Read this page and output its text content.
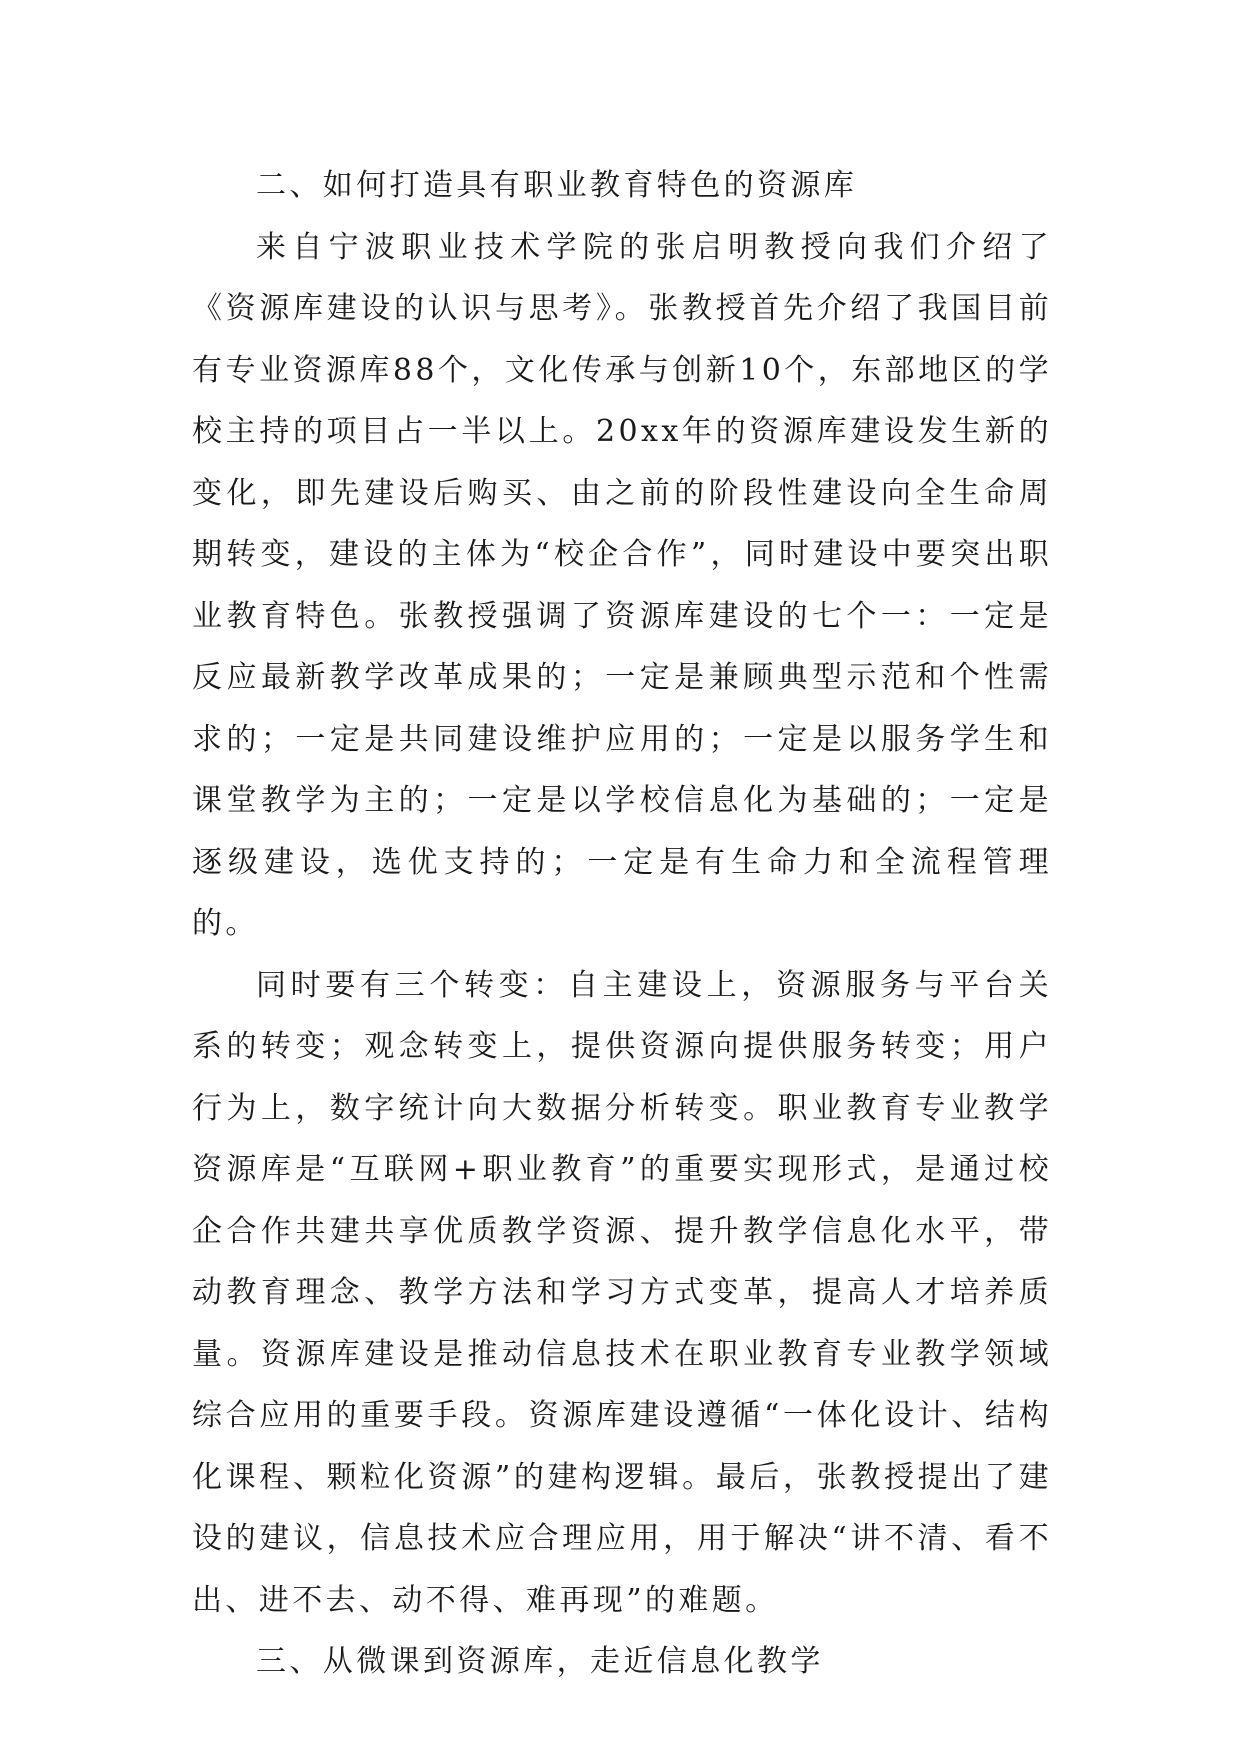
二、如何打造具有职业教育特色的资源库

来自宁波职业技术学院的张启明教授向我们介绍了《资源库建设的认识与思考》。张教授首先介绍了我国目前有专业资源库88个，文化传承与创新10个，东部地区的学校主持的项目占一半以上。20xx年的资源库建设发生新的变化，即先建设后购买、由之前的阶段性建设向全生命周期转变，建设的主体为“校企合作”，同时建设中要突出职业教育特色。张教授强调了资源库建设的七个一：一定是反应最新教学改革成果的；一定是兼顾典型示范和个性需求的；一定是共同建设维护应用的；一定是以服务学生和课堂教学为主的；一定是以学校信息化为基础的；一定是逐级建设，选优支持的；一定是有生命力和全流程管理的。

同时要有三个转变：自主建设上，资源服务与平台关系的转变；观念转变上，提供资源向提供服务转变；用户行为上，数字统计向大数据分析转变。职业教育专业教学资源库是“互联网+职业教育”的重要实现形式，是通过校企合作共建共享优质教学资源、提升教学信息化水平，带动教育理念、教学方法和学习方式变革，提高人才培养质量。资源库建设是推动信息技术在职业教育专业教学领域综合应用的重要手段。资源库建设遵循“一体化设计、结构化课程、颗粒化资源”的建构逻辑。最后，张教授提出了建设的建议，信息技术应合理应用，用于解决“讲不清、看不出、进不去、动不得、难再现”的难题。

三、从微课到资源库，走近信息化教学
